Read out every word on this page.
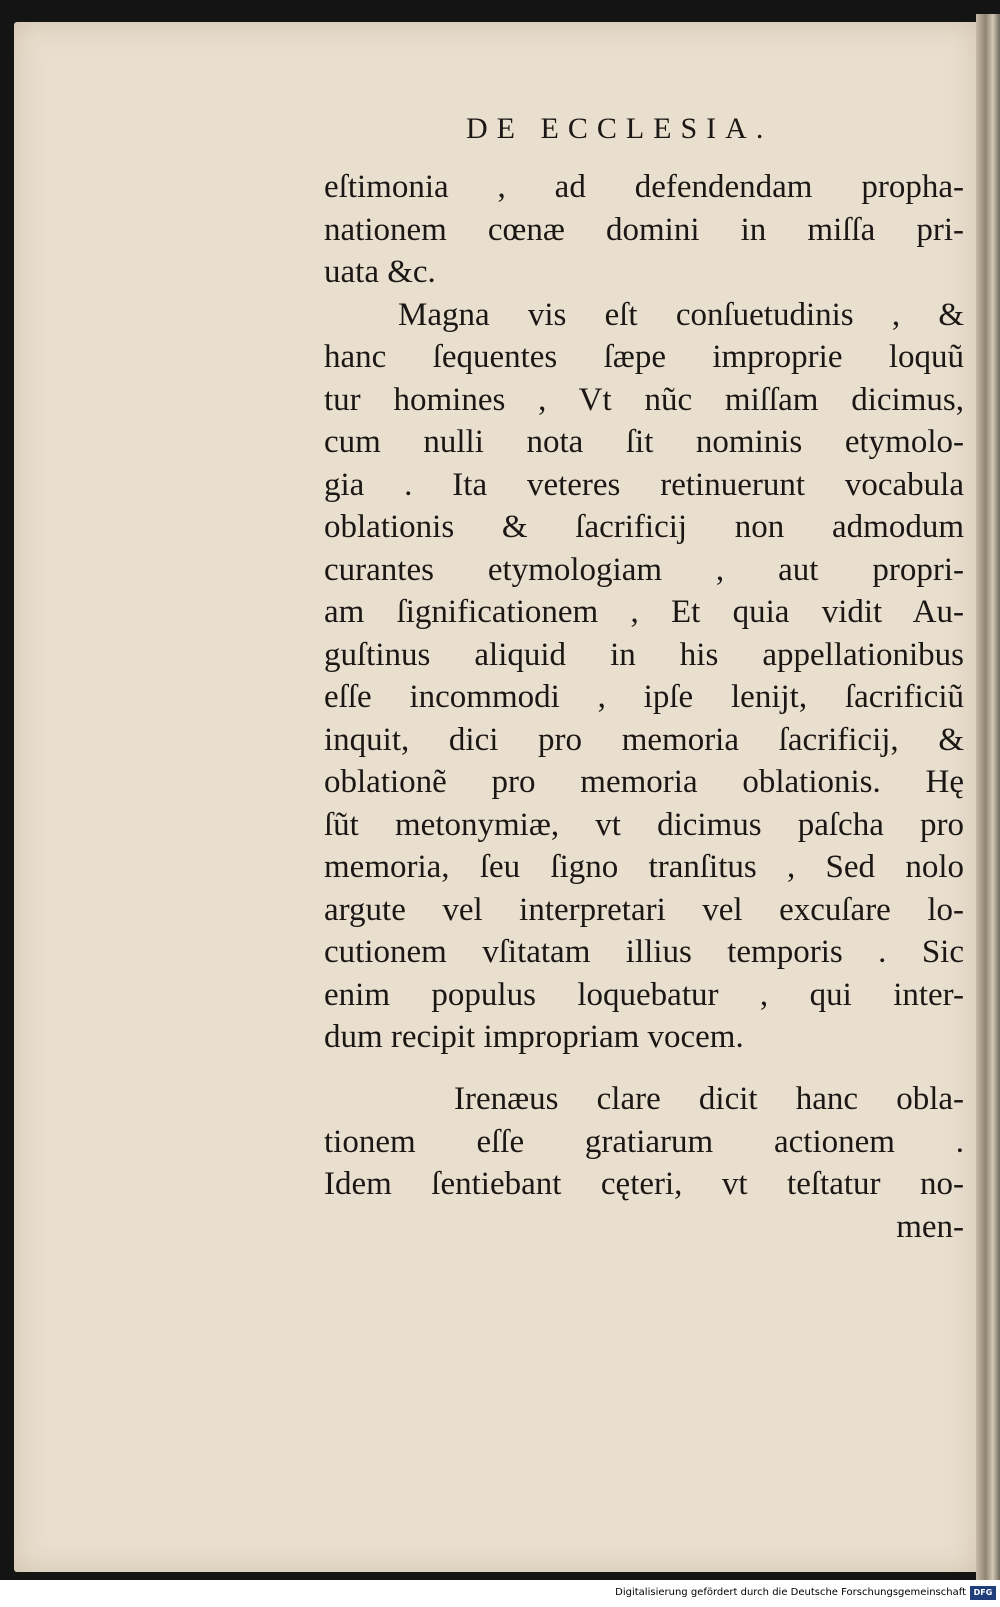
DE ECCLESIA.

eſtimonia , ad defendendam propha-
nationem cœnæ domini in miſſa pri-
uata &c.
Magna vis eſt conſuetudinis , &
hanc ſequentes ſæpe improprie loquũ
tur homines , Vt nũc miſſam dicimus,
cum nulli nota ſit nominis etymolo-
gia . Ita veteres retinuerunt vocabula
oblationis & ſacrificij non admodum
curantes etymologiam , aut propri-
am ſignificationem , Et quia vidit Au-
guſtinus aliquid in his appellationibus
eſſe incommodi , ipſe lenijt, ſacrificiũ
inquit, dici pro memoria ſacrificij, &
oblationẽ pro memoria oblationis. Hę
ſũt metonymiæ, vt dicimus paſcha pro
memoria, ſeu ſigno tranſitus , Sed nolo
argute vel interpretari vel excuſare lo-
cutionem vſitatam illius temporis . Sic
enim populus loquebatur , qui inter-
dum recipit impropriam vocem.
Irenæus clare dicit hanc obla-
tionem eſſe gratiarum actionem .
Idem ſentiebant cęteri, vt teſtatur no-
men-

Digitalisierung gefördert durch die Deutsche Forschungsgemeinschaft DFG
